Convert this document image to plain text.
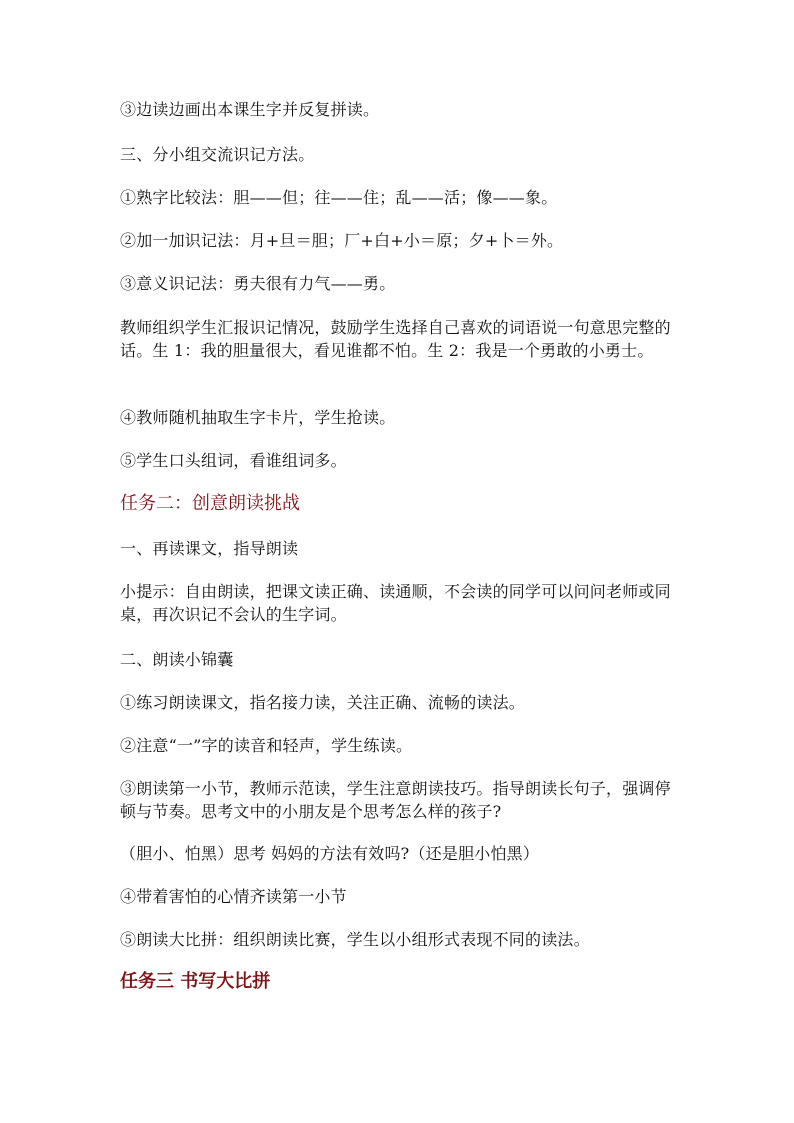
③边读边画出本课生字并反复拼读。
三、分小组交流识记方法。
①熟字比较法：胆——但；往——住；乱——活；像——象。
②加一加识记法：月+旦＝胆；厂+白+小＝原；夕+卜＝外。
③意义识记法：勇夫很有力气——勇。
教师组织学生汇报识记情况，鼓励学生选择自己喜欢的词语说一句意思完整的话。生 1：我的胆量很大，看见谁都不怕。生 2：我是一个勇敢的小勇士。
④教师随机抽取生字卡片，学生抢读。
⑤学生口头组词，看谁组词多。
任务二：创意朗读挑战
一、再读课文，指导朗读
小提示：自由朗读，把课文读正确、读通顺，不会读的同学可以问问老师或同桌，再次识记不会认的生字词。
二、朗读小锦囊
①练习朗读课文，指名接力读，关注正确、流畅的读法。
②注意“一”字的读音和轻声，学生练读。
③朗读第一小节，教师示范读，学生注意朗读技巧。指导朗读长句子，强调停顿与节奏。思考文中的小朋友是个思考怎么样的孩子?
（胆小、怕黑）思考 妈妈的方法有效吗?（还是胆小怕黑）
④带着害怕的心情齐读第一小节
⑤朗读大比拼：组织朗读比赛，学生以小组形式表现不同的读法。
任务三 书写大比拼
